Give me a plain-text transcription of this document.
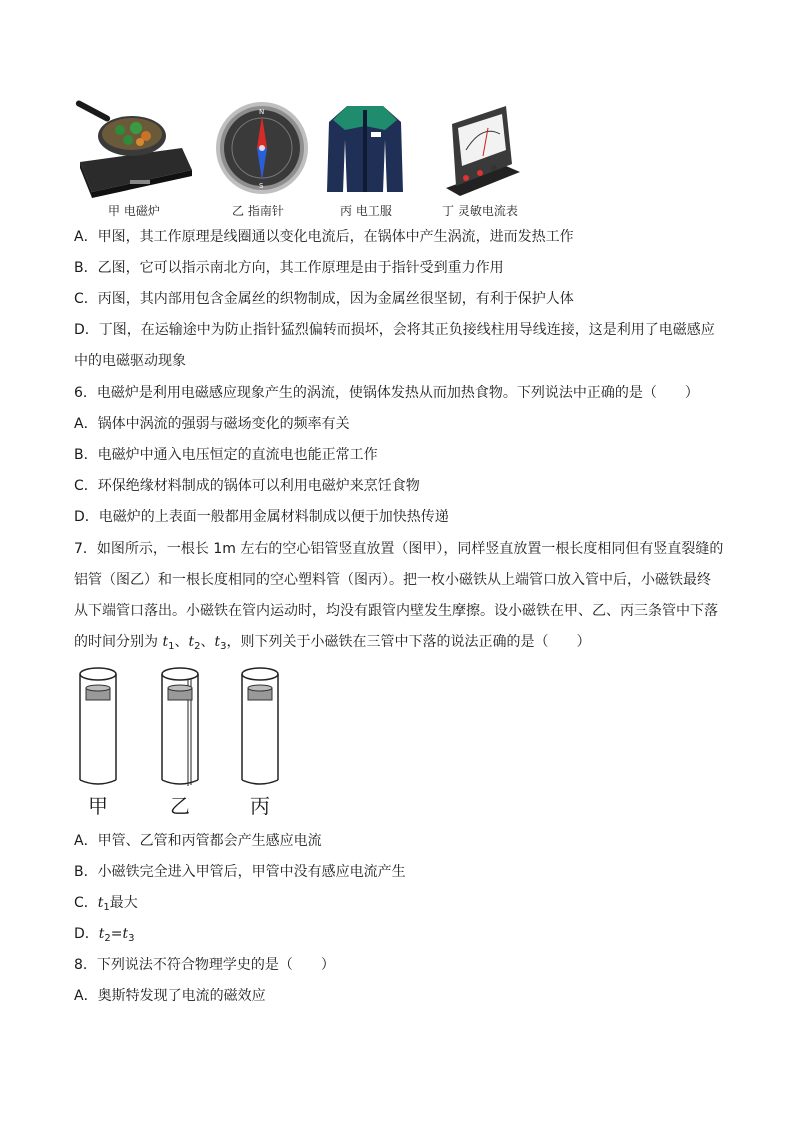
甲 电磁炉
N
S
乙 指南针	丙 电工服	丁 灵敏电流表
A．甲图，其工作原理是线圈通以变化电流后，在锅体中产生涡流，进而发热工作
B．乙图，它可以指示南北方向，其工作原理是由于指针受到重力作用
C．丙图，其内部用包含金属丝的织物制成，因为金属丝很坚韧，有利于保护人体
D．丁图，在运输途中为防止指针猛烈偏转而损坏，会将其正负接线柱用导线连接，这是利用了电磁感应
中的电磁驱动现象
6．电磁炉是利用电磁感应现象产生的涡流，使锅体发热从而加热食物。下列说法中正确的是（　　）
A．锅体中涡流的强弱与磁场变化的频率有关
B．电磁炉中通入电压恒定的直流电也能正常工作
C．环保绝缘材料制成的锅体可以利用电磁炉来烹饪食物
D．电磁炉的上表面一般都用金属材料制成以便于加快热传递
7．如图所示，一根长 1m 左右的空心铝管竖直放置（图甲），同样竖直放置一根长度相同但有竖直裂缝的
铝管（图乙）和一根长度相同的空心塑料管（图丙）。把一枚小磁铁从上端管口放入管中后，小磁铁最终
从下端管口落出。小磁铁在管内运动时，均没有跟管内壁发生摩擦。设小磁铁在甲、乙、丙三条管中下落
的时间分别为 $t_1$、$t_2$、$t_3$，则下列关于小磁铁在三管中下落的说法正确的是（　　）
甲	乙	丙
A．甲管、乙管和丙管都会产生感应电流
B．小磁铁完全进入甲管后，甲管中没有感应电流产生
C．$t_1$最大
D．$t_2=t_3$
8．下列说法不符合物理学史的是（　　）
A．奥斯特发现了电流的磁效应
